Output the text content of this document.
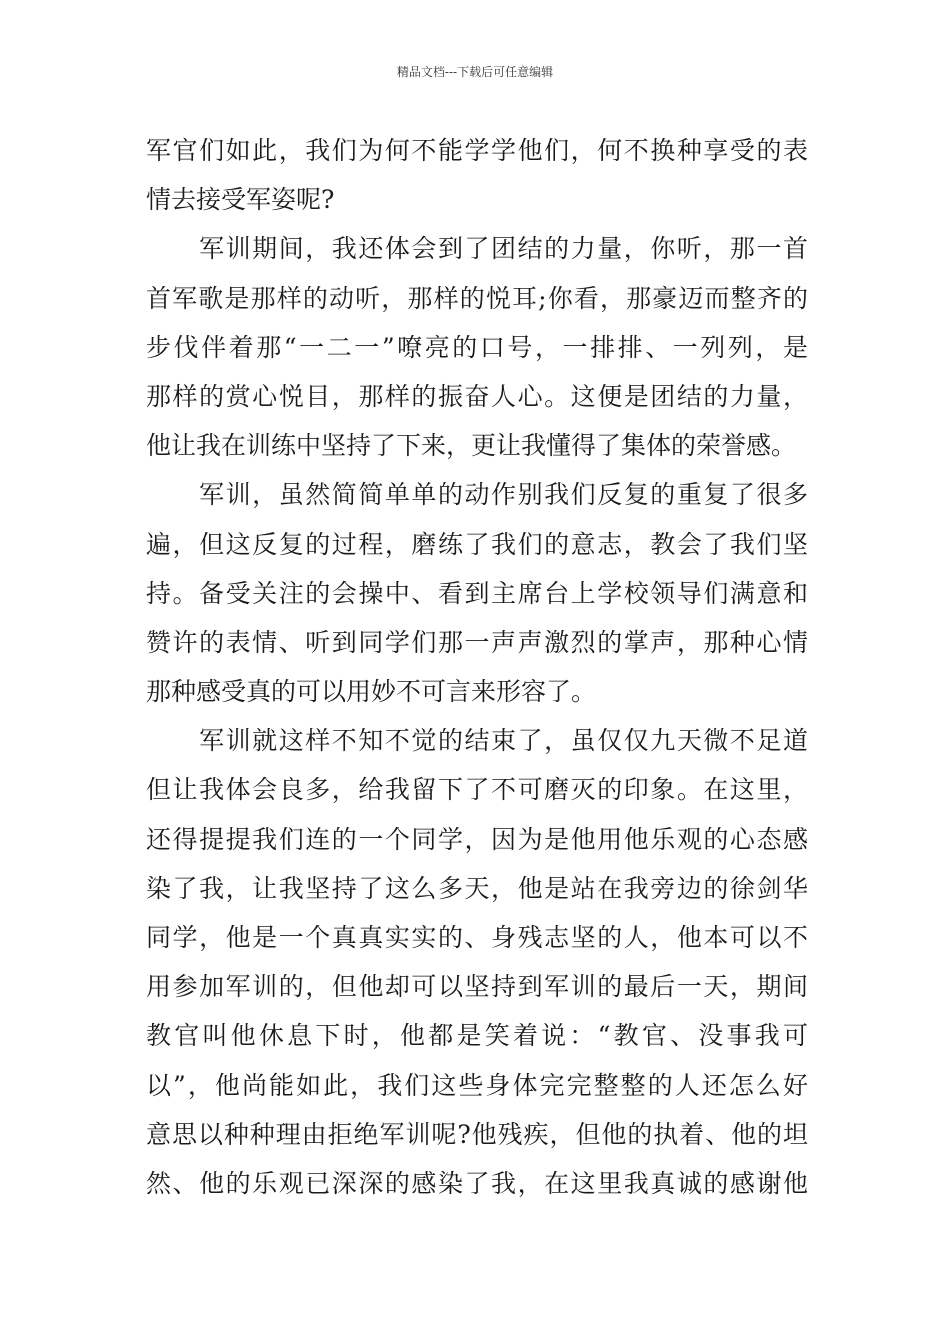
精品文档---下载后可任意编辑
军官们如此，我们为何不能学学他们，何不换种享受的表
情去接受军姿呢?
　　军训期间，我还体会到了团结的力量，你听，那一首
首军歌是那样的动听，那样的悦耳;你看，那豪迈而整齐的
步伐伴着那“一二一”嘹亮的口号，一排排、一列列，是
那样的赏心悦目，那样的振奋人心。这便是团结的力量，
他让我在训练中坚持了下来，更让我懂得了集体的荣誉感。
　　军训，虽然简简单单的动作别我们反复的重复了很多
遍，但这反复的过程，磨练了我们的意志，教会了我们坚
持。备受关注的会操中、看到主席台上学校领导们满意和
赞许的表情、听到同学们那一声声激烈的掌声，那种心情
那种感受真的可以用妙不可言来形容了。
　　军训就这样不知不觉的结束了，虽仅仅九天微不足道
但让我体会良多，给我留下了不可磨灭的印象。在这里，
还得提提我们连的一个同学，因为是他用他乐观的心态感
染了我，让我坚持了这么多天，他是站在我旁边的徐剑华
同学，他是一个真真实实的、身残志坚的人，他本可以不
用参加军训的，但他却可以坚持到军训的最后一天，期间
教官叫他休息下时，他都是笑着说：“教官、没事我可
以”，他尚能如此，我们这些身体完完整整的人还怎么好
意思以种种理由拒绝军训呢?他残疾，但他的执着、他的坦
然、他的乐观已深深的感染了我，在这里我真诚的感谢他
